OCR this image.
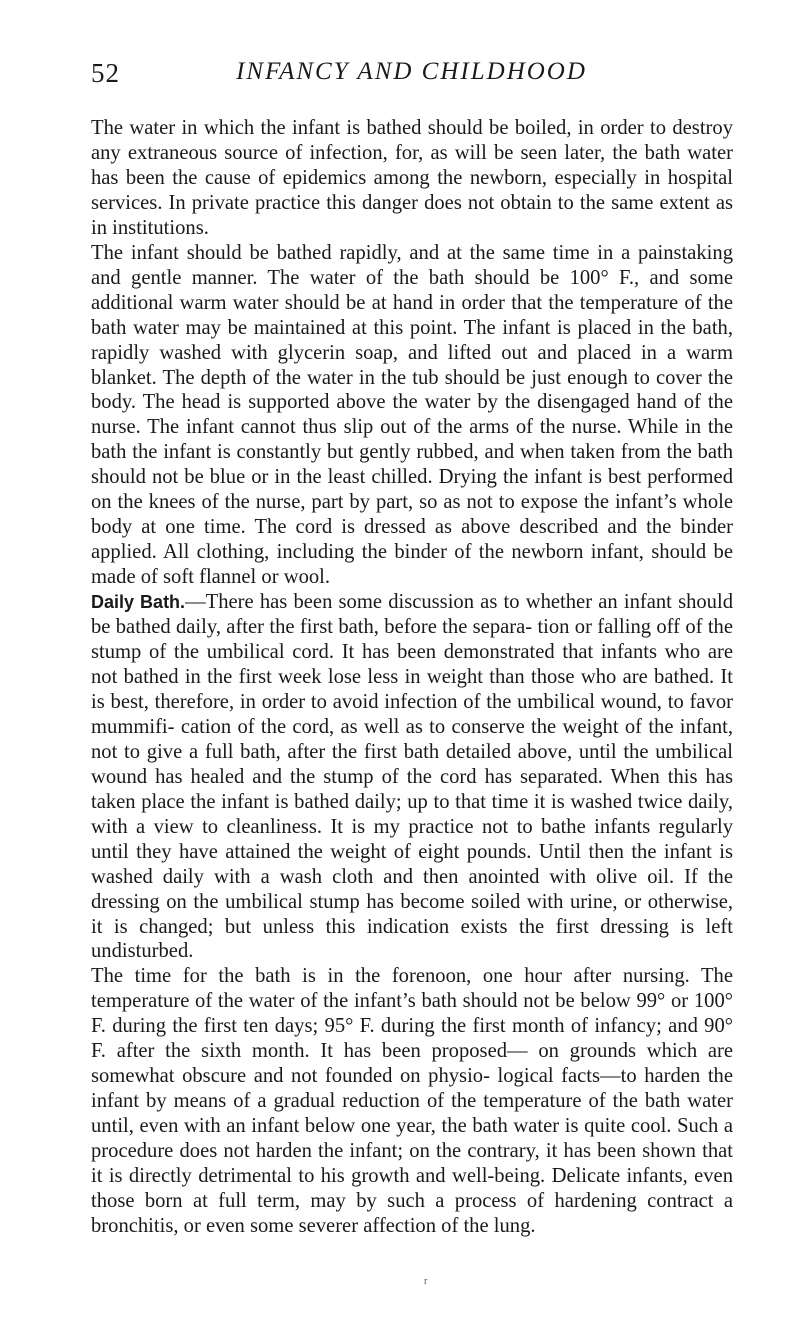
52	INFANCY AND CHILDHOOD

The water in which the infant is bathed should be boiled, in order to destroy any extraneous source of infection, for, as will be seen later, the bath water has been the cause of epidemics among the newborn, especially in hospital services. In private practice this danger does not obtain to the same extent as in institutions.

The infant should be bathed rapidly, and at the same time in a painstaking and gentle manner. The water of the bath should be 100° F., and some additional warm water should be at hand in order that the temperature of the bath water may be maintained at this point. The infant is placed in the bath, rapidly washed with glycerin soap, and lifted out and placed in a warm blanket. The depth of the water in the tub should be just enough to cover the body. The head is supported above the water by the disengaged hand of the nurse. The infant cannot thus slip out of the arms of the nurse. While in the bath the infant is constantly but gently rubbed, and when taken from the bath should not be blue or in the least chilled. Drying the infant is best performed on the knees of the nurse, part by part, so as not to expose the infant’s whole body at one time. The cord is dressed as above described and the binder applied. All clothing, including the binder of the newborn infant, should be made of soft flannel or wool.

Daily Bath.—There has been some discussion as to whether an infant should be bathed daily, after the first bath, before the separa- tion or falling off of the stump of the umbilical cord. It has been demonstrated that infants who are not bathed in the first week lose less in weight than those who are bathed. It is best, therefore, in order to avoid infection of the umbilical wound, to favor mummifi- cation of the cord, as well as to conserve the weight of the infant, not to give a full bath, after the first bath detailed above, until the umbilical wound has healed and the stump of the cord has separated. When this has taken place the infant is bathed daily; up to that time it is washed twice daily, with a view to cleanliness. It is my practice not to bathe infants regularly until they have attained the weight of eight pounds. Until then the infant is washed daily with a wash cloth and then anointed with olive oil. If the dressing on the umbilical stump has become soiled with urine, or otherwise, it is changed; but unless this indication exists the first dressing is left undisturbed.

The time for the bath is in the forenoon, one hour after nursing. The temperature of the water of the infant’s bath should not be below 99° or 100° F. during the first ten days; 95° F. during the first month of infancy; and 90° F. after the sixth month. It has been proposed— on grounds which are somewhat obscure and not founded on physio- logical facts—to harden the infant by means of a gradual reduction of the temperature of the bath water until, even with an infant below one year, the bath water is quite cool. Such a procedure does not harden the infant; on the contrary, it has been shown that it is directly detrimental to his growth and well-being. Delicate infants, even those born at full term, may by such a process of hardening contract a bronchitis, or even some severer affection of the lung.

r
